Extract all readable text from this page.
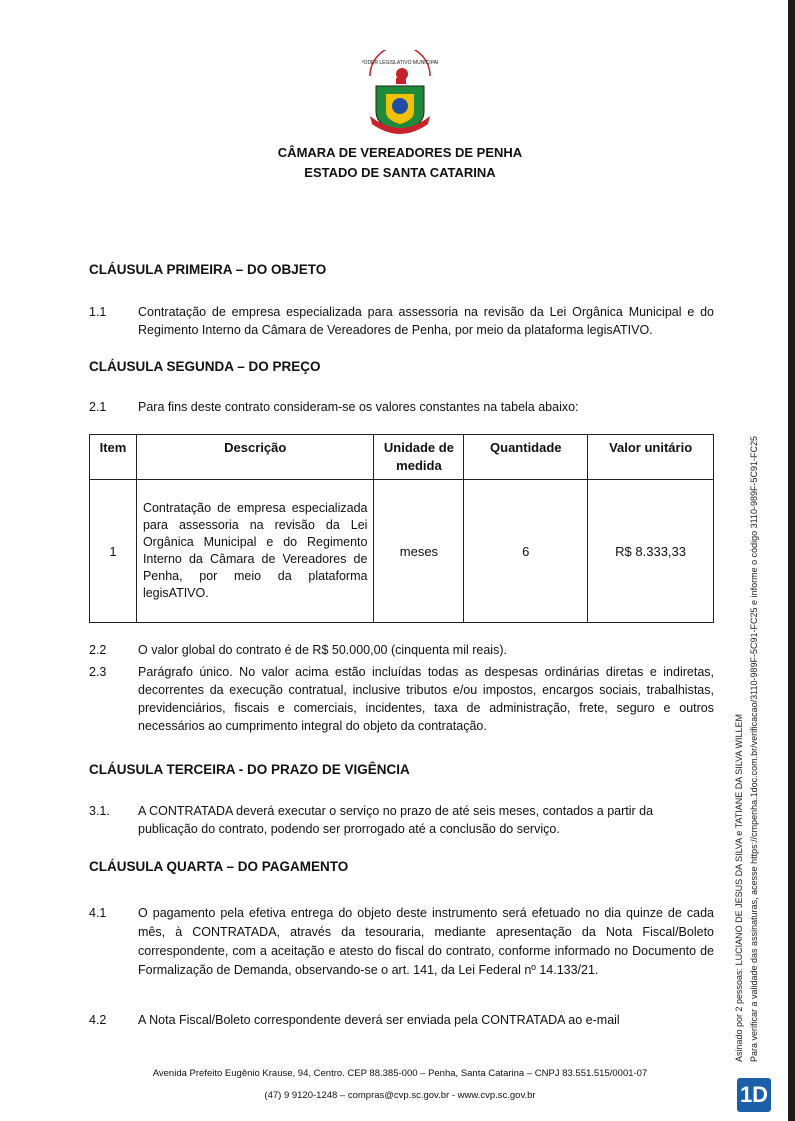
PODER LEGISLATIVO MUNICIPAL
CÂMARA DE VEREADORES DE PENHA
ESTADO DE SANTA CATARINA
CLÁUSULA PRIMEIRA – DO OBJETO
1.1	Contratação de empresa especializada para assessoria na revisão da Lei Orgânica Municipal e do Regimento Interno da Câmara de Vereadores de Penha, por meio da plataforma legisATIVO.
CLÁUSULA SEGUNDA – DO PREÇO
2.1	Para fins deste contrato consideram-se os valores constantes na tabela abaixo:
Item	Descrição	Unidade de medida	Quantidade	Valor unitário
1	Contratação de empresa especializada para assessoria na revisão da Lei Orgânica Municipal e do Regimento Interno da Câmara de Vereadores de Penha, por meio da plataforma legisATIVO.	meses	6	R$ 8.333,33
2.2	O valor global do contrato é de R$ 50.000,00 (cinquenta mil reais).
2.3	Parágrafo único. No valor acima estão incluídas todas as despesas ordinárias diretas e indiretas, decorrentes da execução contratual, inclusive tributos e/ou impostos, encargos sociais, trabalhistas, previdenciários, fiscais e comerciais, incidentes, taxa de administração, frete, seguro e outros necessários ao cumprimento integral do objeto da contratação.
CLÁUSULA TERCEIRA - DO PRAZO DE VIGÊNCIA
3.1. A CONTRATADA deverá executar o serviço no prazo de até seis meses, contados a partir da publicação do contrato, podendo ser prorrogado até a conclusão do serviço.
CLÁUSULA QUARTA – DO PAGAMENTO
4.1	O pagamento pela efetiva entrega do objeto deste instrumento será efetuado no dia quinze de cada mês, à CONTRATADA, através da tesouraria, mediante apresentação da Nota Fiscal/Boleto correspondente, com a aceitação e atesto do fiscal do contrato, conforme informado no Documento de Formalização de Demanda, observando-se o art. 141, da Lei Federal nº 14.133/21.
4.2	A Nota Fiscal/Boleto correspondente deverá ser enviada pela CONTRATADA ao e-mail
Avenida Prefeito Eugênio Krause, 94, Centro. CEP 88.385-000 – Penha, Santa Catarina – CNPJ 83.551.515/0001-07
(47) 9 9120-1248 – compras@cvp.sc.gov.br - www.cvp.sc.gov.br
Asinado por 2 pessoas: LUCIANO DE JESUS DA SILVA e TATIANE DA SILVA WILLEM Para verificar a validade das assinaturas, acesse https://cmpenha.1doc.com.br/verificacao/3110-989F-5C91-FC25 e informe o código 3110-989F-5C91-FC25
1D
